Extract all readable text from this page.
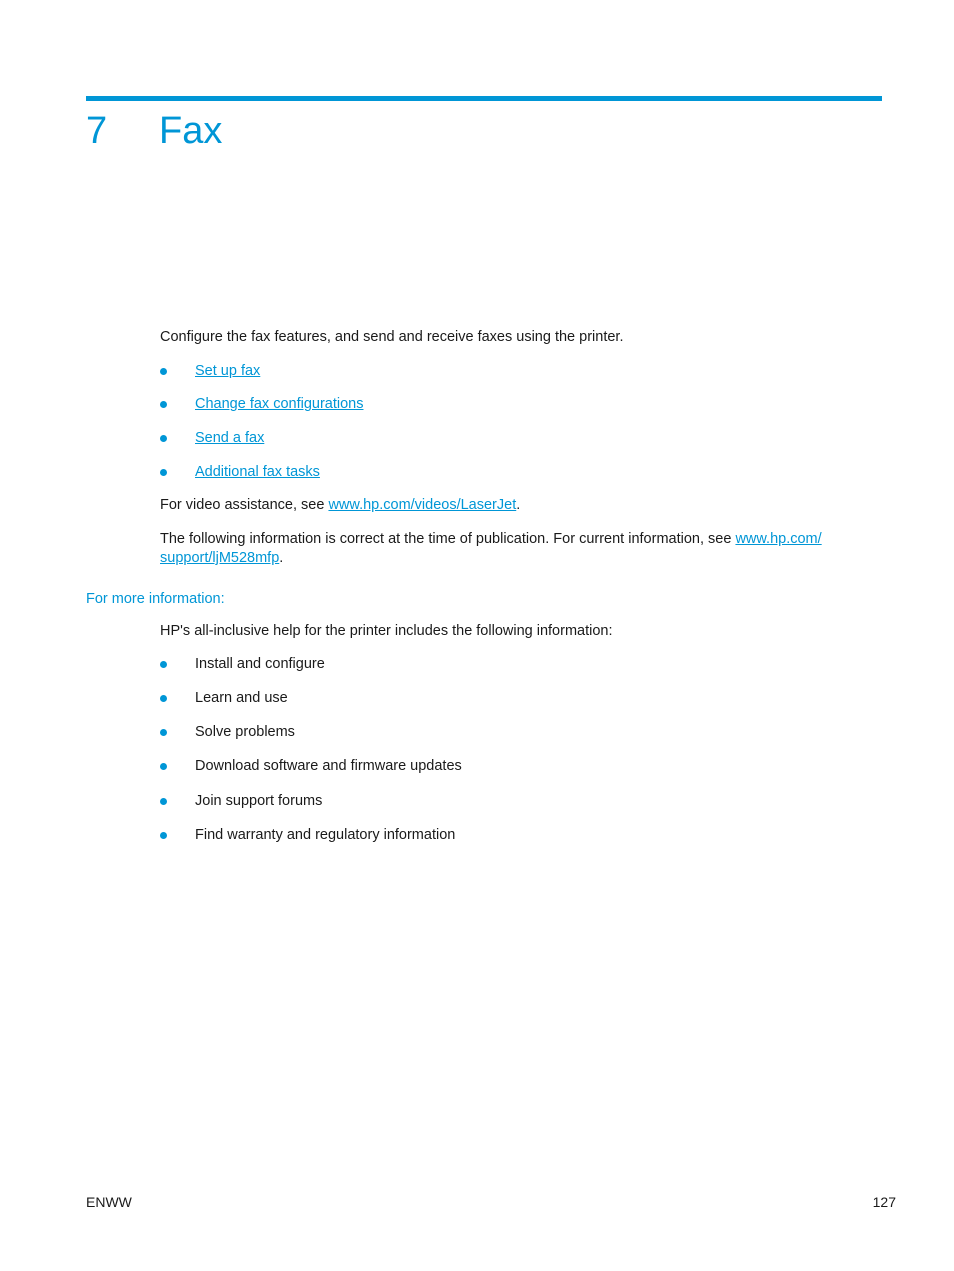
7 Fax

Configure the fax features, and send and receive faxes using the printer.

Set up fax
Change fax configurations
Send a fax
Additional fax tasks

For video assistance, see www.hp.com/videos/LaserJet.

The following information is correct at the time of publication. For current information, see www.hp.com/
support/ljM528mfp.

For more information:

HP's all-inclusive help for the printer includes the following information:

Install and configure
Learn and use
Solve problems
Download software and firmware updates
Join support forums
Find warranty and regulatory information
ENWW	127
